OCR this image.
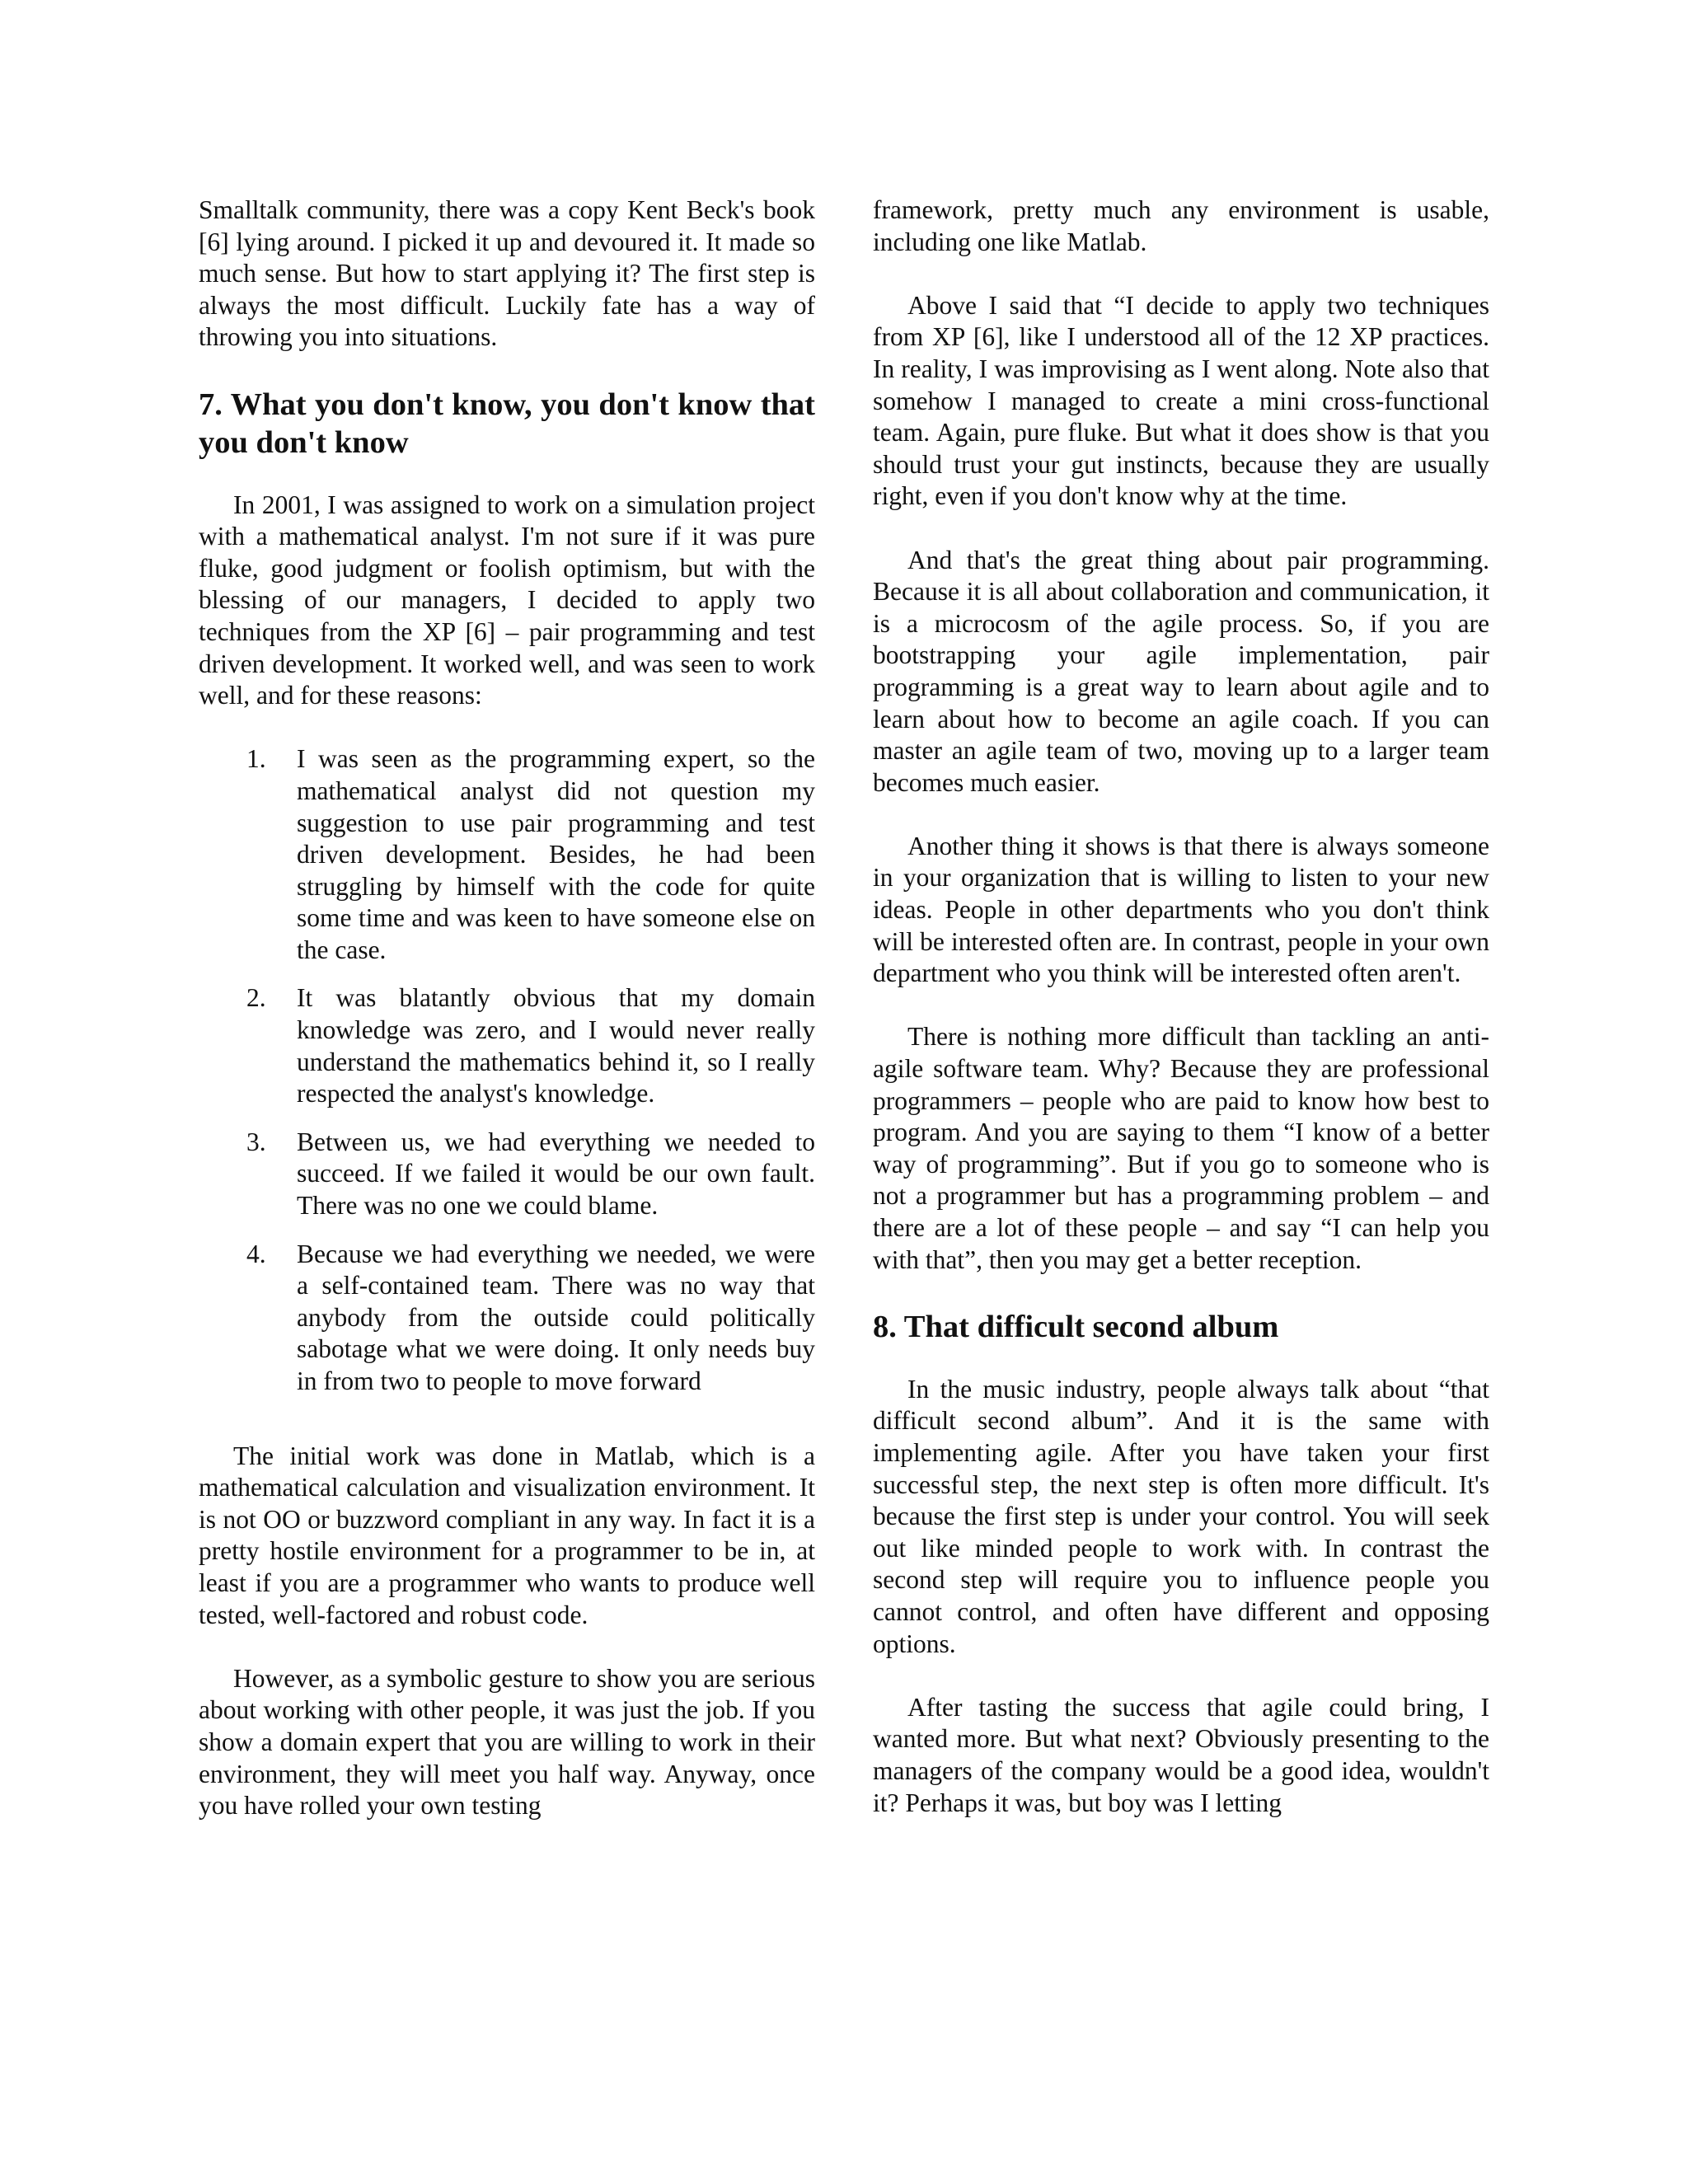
Smalltalk community, there was a copy Kent Beck's book [6] lying around. I picked it up and devoured it. It made so much sense. But how to start applying it? The first step is always the most difficult. Luckily fate has a way of throwing you into situations.

7. What you don't know, you don't know that you don't know

In 2001, I was assigned to work on a simulation project with a mathematical analyst. I'm not sure if it was pure fluke, good judgment or foolish optimism, but with the blessing of our managers, I decided to apply two techniques from the XP [6] – pair programming and test driven development. It worked well, and was seen to work well, and for these reasons:

1. I was seen as the programming expert, so the mathematical analyst did not question my suggestion to use pair programming and test driven development. Besides, he had been struggling by himself with the code for quite some time and was keen to have someone else on the case.
2. It was blatantly obvious that my domain knowledge was zero, and I would never really understand the mathematics behind it, so I really respected the analyst's knowledge.
3. Between us, we had everything we needed to succeed. If we failed it would be our own fault. There was no one we could blame.
4. Because we had everything we needed, we were a self-contained team. There was no way that anybody from the outside could politically sabotage what we were doing. It only needs buy in from two to people to move forward

The initial work was done in Matlab, which is a mathematical calculation and visualization environment. It is not OO or buzzword compliant in any way. In fact it is a pretty hostile environment for a programmer to be in, at least if you are a programmer who wants to produce well tested, well-factored and robust code.

However, as a symbolic gesture to show you are serious about working with other people, it was just the job. If you show a domain expert that you are willing to work in their environment, they will meet you half way. Anyway, once you have rolled your own testing

framework, pretty much any environment is usable, including one like Matlab.

Above I said that “I decide to apply two techniques from XP [6], like I understood all of the 12 XP practices. In reality, I was improvising as I went along. Note also that somehow I managed to create a mini cross-functional team. Again, pure fluke. But what it does show is that you should trust your gut instincts, because they are usually right, even if you don't know why at the time.

And that's the great thing about pair programming. Because it is all about collaboration and communication, it is a microcosm of the agile process. So, if you are bootstrapping your agile implementation, pair programming is a great way to learn about agile and to learn about how to become an agile coach. If you can master an agile team of two, moving up to a larger team becomes much easier.

Another thing it shows is that there is always someone in your organization that is willing to listen to your new ideas. People in other departments who you don't think will be interested often are. In contrast, people in your own department who you think will be interested often aren't.

There is nothing more difficult than tackling an anti-agile software team. Why? Because they are professional programmers – people who are paid to know how best to program. And you are saying to them “I know of a better way of programming”. But if you go to someone who is not a programmer but has a programming problem – and there are a lot of these people – and say “I can help you with that”, then you may get a better reception.

8. That difficult second album

In the music industry, people always talk about “that difficult second album”. And it is the same with implementing agile. After you have taken your first successful step, the next step is often more difficult. It's because the first step is under your control. You will seek out like minded people to work with. In contrast the second step will require you to influence people you cannot control, and often have different and opposing options.

After tasting the success that agile could bring, I wanted more. But what next? Obviously presenting to the managers of the company would be a good idea, wouldn't it? Perhaps it was, but boy was I letting
